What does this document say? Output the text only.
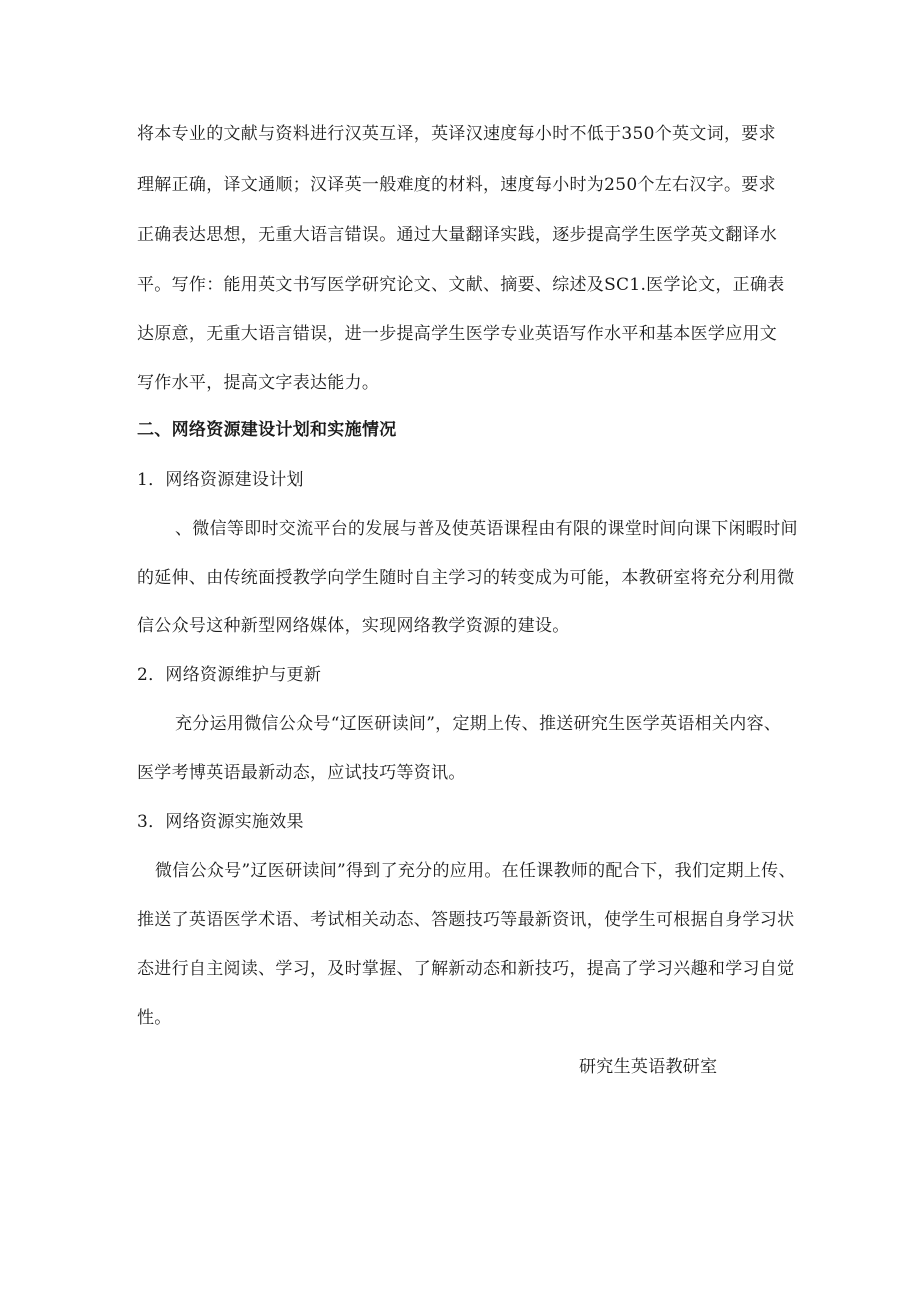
将本专业的文献与资料进行汉英互译，英译汉速度每小时不低于350个英文词，要求
理解正确，译文通顺；汉译英一般难度的材料，速度每小时为250个左右汉字。要求
正确表达思想，无重大语言错误。通过大量翻译实践，逐步提高学生医学英文翻译水
平。写作：能用英文书写医学研究论文、文献、摘要、综述及SC1.医学论文，正确表
达原意，无重大语言错误，进一步提高学生医学专业英语写作水平和基本医学应用文
写作水平，提高文字表达能力。
二、网络资源建设计划和实施情况
1．网络资源建设计划
、微信等即时交流平台的发展与普及使英语课程由有限的课堂时间向课下闲暇时间
的延伸、由传统面授教学向学生随时自主学习的转变成为可能，本教研室将充分利用微
信公众号这种新型网络媒体，实现网络教学资源的建设。
2．网络资源维护与更新
充分运用微信公众号“辽医研读间”，定期上传、推送研究生医学英语相关内容、
医学考博英语最新动态，应试技巧等资讯。
3．网络资源实施效果
微信公众号”辽医研读间”得到了充分的应用。在任课教师的配合下，我们定期上传、
推送了英语医学术语、考试相关动态、答题技巧等最新资讯，使学生可根据自身学习状
态进行自主阅读、学习，及时掌握、了解新动态和新技巧，提高了学习兴趣和学习自觉
性。
研究生英语教研室
